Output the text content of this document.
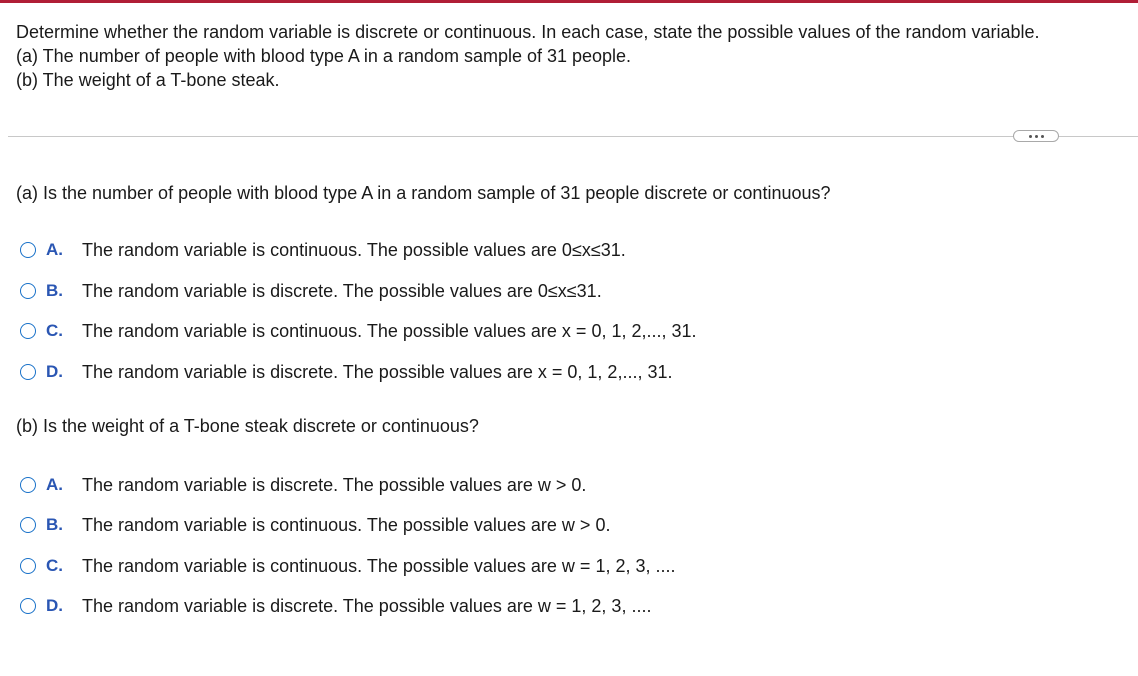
Determine whether the random variable is discrete or continuous. In each case, state the possible values of the random variable.
(a) The number of people with blood type A in a random sample of 31 people.
(b) The weight of a T-bone steak.
(a) Is the number of people with blood type A in a random sample of 31 people discrete or continuous?
A.	The random variable is continuous. The possible values are 0≤x≤31.
B.	The random variable is discrete. The possible values are 0≤x≤31.
C.	The random variable is continuous. The possible values are x = 0, 1, 2,..., 31.
D.	The random variable is discrete. The possible values are x = 0, 1, 2,..., 31.
(b) Is the weight of a T-bone steak discrete or continuous?
A.	The random variable is discrete. The possible values are w > 0.
B.	The random variable is continuous. The possible values are w > 0.
C.	The random variable is continuous. The possible values are w = 1, 2, 3, ....
D.	The random variable is discrete. The possible values are w = 1, 2, 3, ....
